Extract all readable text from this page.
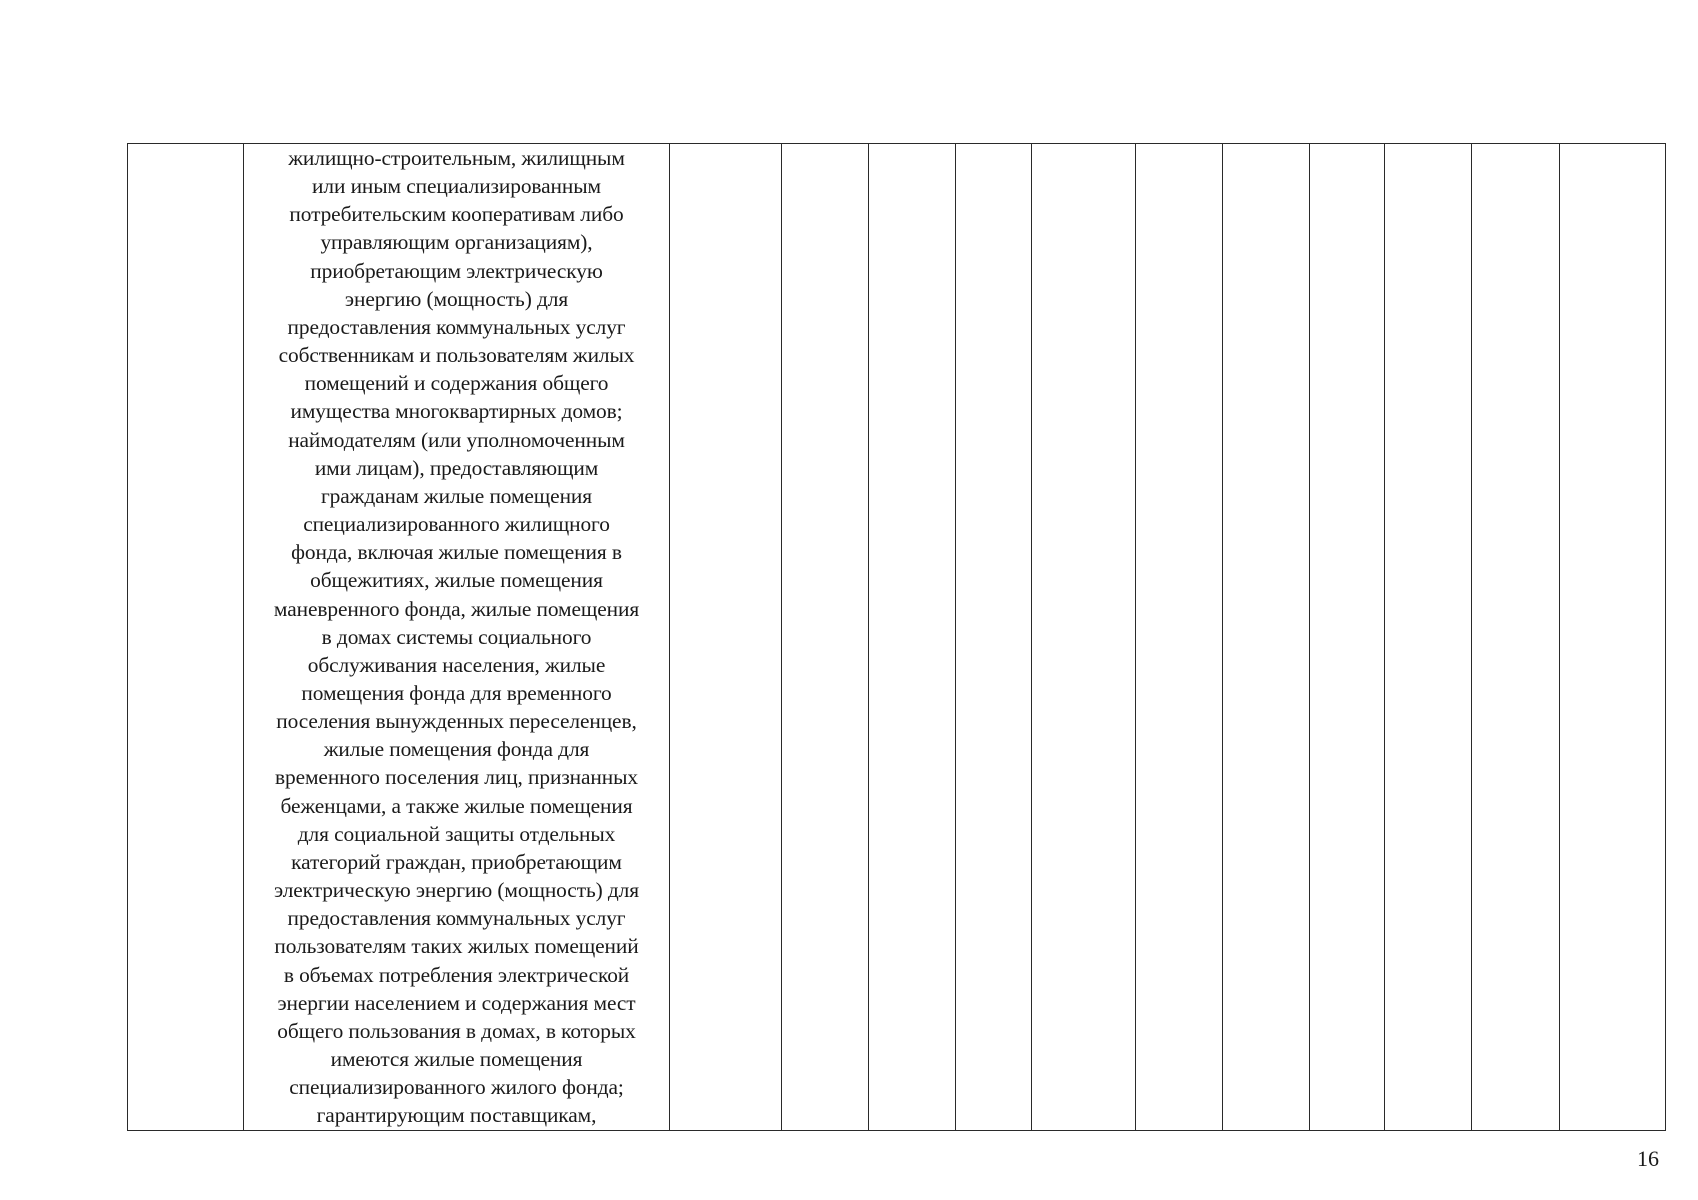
жилищно-строительным, жилищным
или иным специализированным
потребительским кооперативам либо
управляющим организациям),
приобретающим электрическую
энергию (мощность) для
предоставления коммунальных услуг
собственникам и пользователям жилых
помещений и содержания общего
имущества многоквартирных домов;
наймодателям (или уполномоченным
ими лицам), предоставляющим
гражданам жилые помещения
специализированного жилищного
фонда, включая жилые помещения в
общежитиях, жилые помещения
маневренного фонда, жилые помещения
в домах системы социального
обслуживания населения, жилые
помещения фонда для временного
поселения вынужденных переселенцев,
жилые помещения фонда для
временного поселения лиц, признанных
беженцами, а также жилые помещения
для социальной защиты отдельных
категорий граждан, приобретающим
электрическую энергию (мощность) для
предоставления коммунальных услуг
пользователям таких жилых помещений
в объемах потребления электрической
энергии населением и содержания мест
общего пользования в домах, в которых
имеются жилые помещения
специализированного жилого фонда;
гарантирующим поставщикам,

16
